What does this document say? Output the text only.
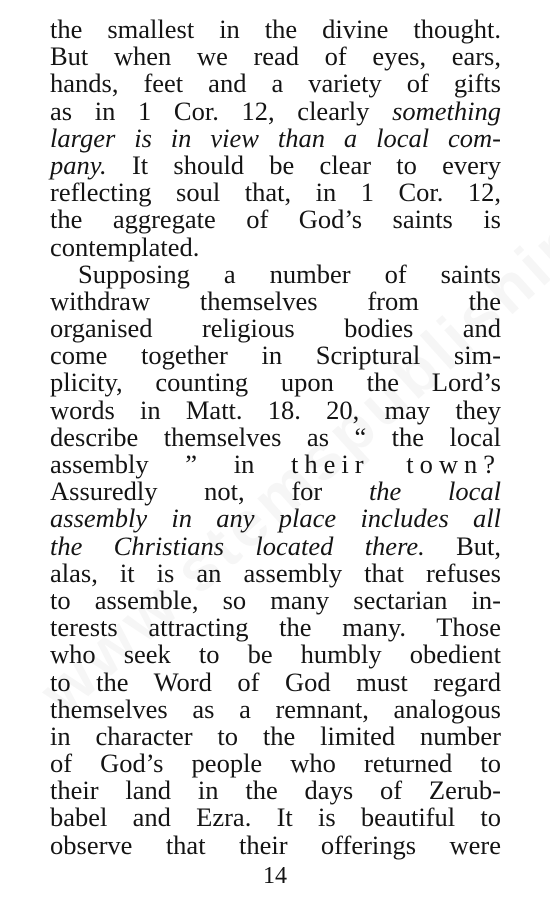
the smallest in the divine thought.
But when we read of eyes, ears,
hands, feet and a variety of gifts
as in 1 Cor. 12, clearly something
larger is in view than a local com-
pany. It should be clear to every
reflecting soul that, in 1 Cor. 12,
the aggregate of God’s saints is
contemplated.
Supposing a number of saints
withdraw themselves from the
organised religious bodies and
come together in Scriptural sim-
plicity, counting upon the Lord’s
words in Matt. 18. 20, may they
describe themselves as “ the local
assembly ” in their town?
Assuredly not, for the local
assembly in any place includes all
the Christians located there. But,
alas, it is an assembly that refuses
to assemble, so many sectarian in-
terests attracting the many. Those
who seek to be humbly obedient
to the Word of God must regard
themselves as a remnant, analogous
in character to the limited number
of God’s people who returned to
their land in the days of Zerub-
babel and Ezra. It is beautiful to
observe that their offerings were
14
